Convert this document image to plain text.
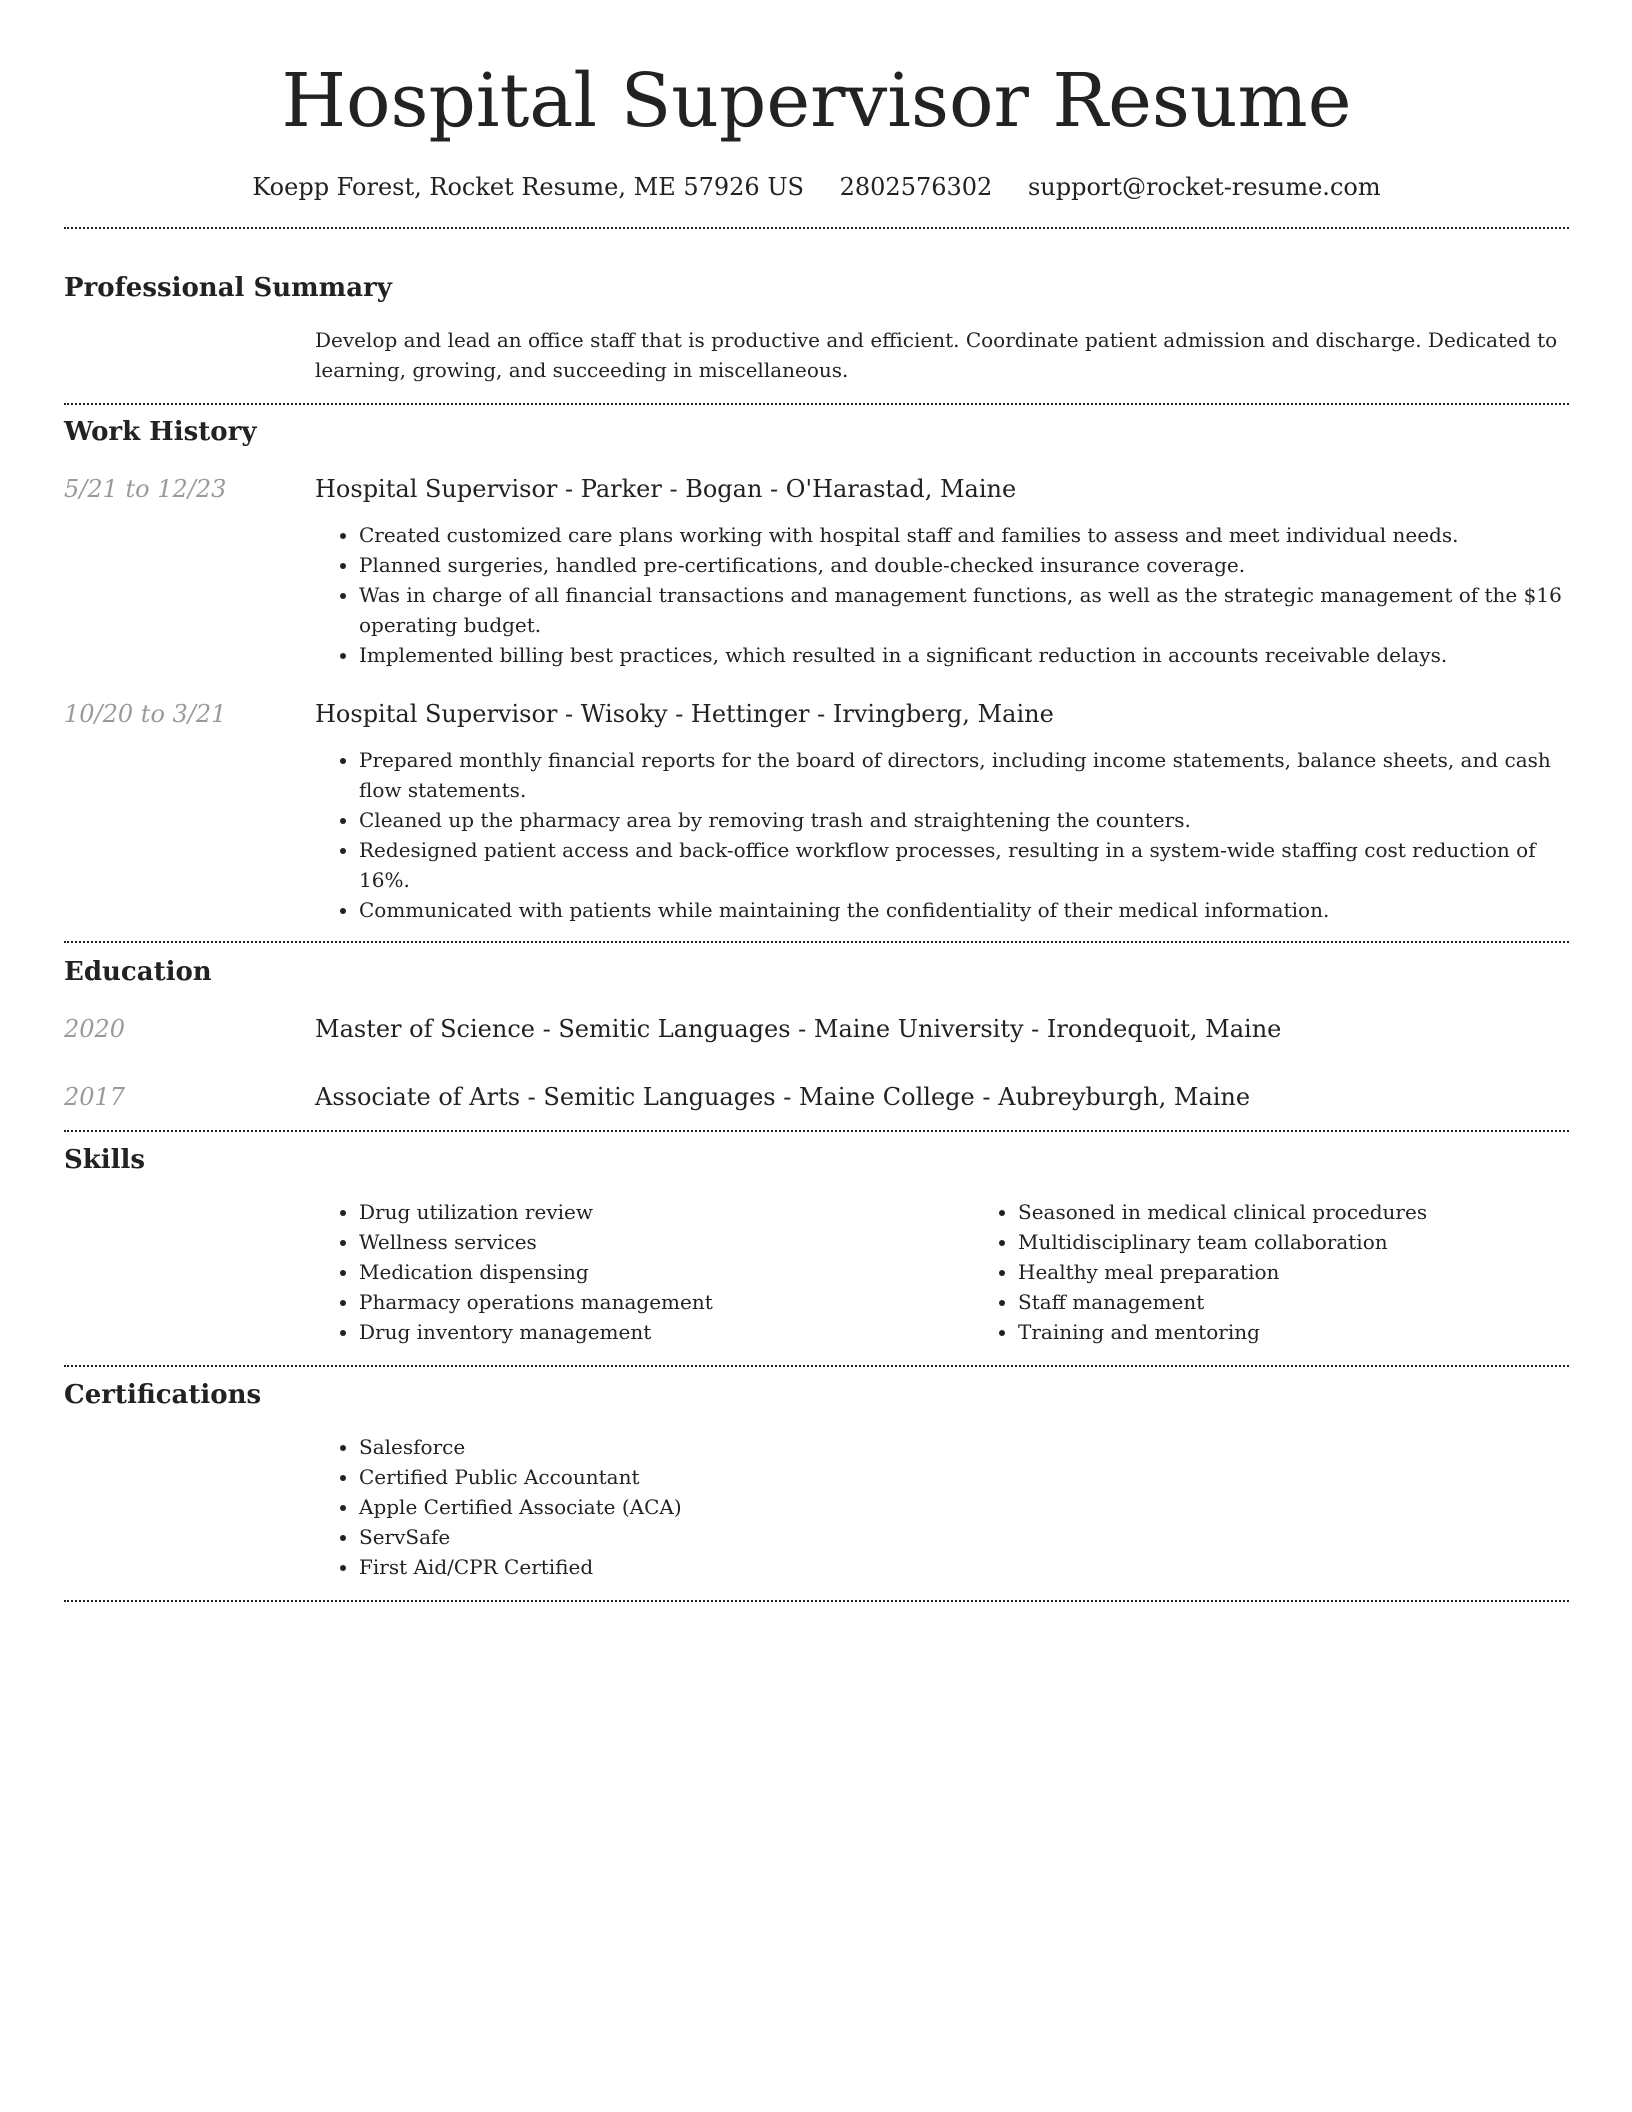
Hospital Supervisor Resume
Koepp Forest, Rocket Resume, ME 57926 US 2802576302 support@rocket-resume.com
Professional Summary
Develop and lead an office staff that is productive and efficient. Coordinate patient admission and discharge. Dedicated to learning, growing, and succeeding in miscellaneous.
Work History
5/21 to 12/23	Hospital Supervisor - Parker - Bogan - O'Harastad, Maine
• Created customized care plans working with hospital staff and families to assess and meet individual needs.
• Planned surgeries, handled pre-certifications, and double-checked insurance coverage.
• Was in charge of all financial transactions and management functions, as well as the strategic management of the $16 operating budget.
• Implemented billing best practices, which resulted in a significant reduction in accounts receivable delays.
10/20 to 3/21	Hospital Supervisor - Wisoky - Hettinger - Irvingberg, Maine
• Prepared monthly financial reports for the board of directors, including income statements, balance sheets, and cash flow statements.
• Cleaned up the pharmacy area by removing trash and straightening the counters.
• Redesigned patient access and back-office workflow processes, resulting in a system-wide staffing cost reduction of 16%.
• Communicated with patients while maintaining the confidentiality of their medical information.
Education
2020	Master of Science - Semitic Languages - Maine University - Irondequoit, Maine
2017	Associate of Arts - Semitic Languages - Maine College - Aubreyburgh, Maine
Skills
• Drug utilization review
• Wellness services
• Medication dispensing
• Pharmacy operations management
• Drug inventory management
• Seasoned in medical clinical procedures
• Multidisciplinary team collaboration
• Healthy meal preparation
• Staff management
• Training and mentoring
Certifications
• Salesforce
• Certified Public Accountant
• Apple Certified Associate (ACA)
• ServSafe
• First Aid/CPR Certified
